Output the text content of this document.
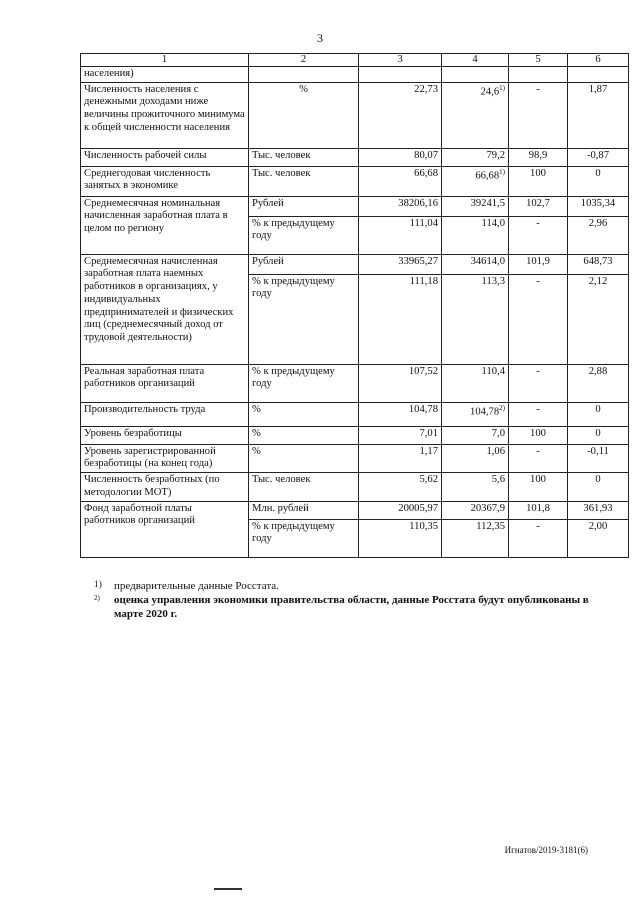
3
1	2	3	4	5	6
населения)					
Численность населения с денежными доходами ниже величины прожиточного минимума к общей численности населения	%	22,73	24,6$^{1)}$	-	1,87
Численность рабочей силы	Тыс. человек	80,07	79,2	98,9	-0,87
Среднегодовая численность занятых в экономике	Тыс. человек	66,68	66,68$^{1)}$	100	0
Среднемесячная номинальная начисленная заработная плата в целом по региону	Рублей	38206,16	39241,5	102,7	1035,34
	% к предыдущему году	111,04	114,0	-	2,96
Среднемесячная начисленная заработная плата наемных работников в организациях, у индивидуальных предпринимателей и физических лиц (среднемесячный доход от трудовой деятельности)	Рублей	33965,27	34614,0	101,9	648,73
	% к предыдущему году	111,18	113,3	-	2,12
Реальная заработная плата работников организаций	% к предыдущему году	107,52	110,4	-	2,88
Производительность труда	%	104,78	104,78$^{2)}$	-	0
Уровень безработицы	%	7,01	7,0	100	0
Уровень зарегистрированной безработицы (на конец года)	%	1,17	1,06	-	-0,11
Численность безработных (по методологии МОТ)	Тыс. человек	5,62	5,6	100	0
Фонд заработной платы работников организаций	Млн. рублей	20005,97	20367,9	101,8	361,93
	% к предыдущему году	110,35	112,35	-	2,00
1)	предварительные данные Росстата.
2)	оценка управления экономики правительства области, данные Росстата будут опубликованы в марте 2020 г.
Игнатов/2019-3181(6)
